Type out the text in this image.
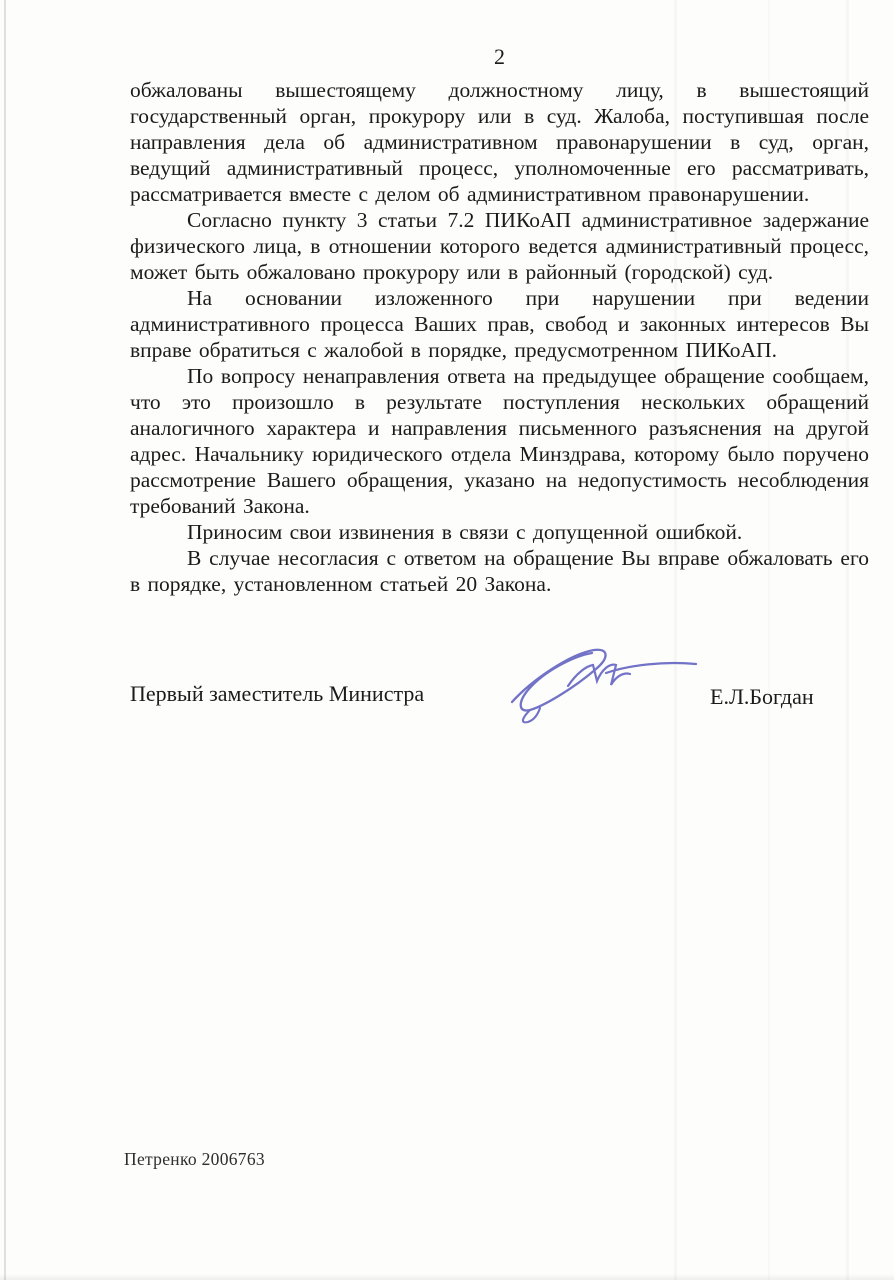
2

обжалованы вышестоящему должностному лицу, в вышестоящий государственный орган, прокурору или в суд. Жалоба, поступившая после направления дела об административном правонарушении в суд, орган, ведущий административный процесс, уполномоченные его рассматривать, рассматривается вместе с делом об административном правонарушении.

Согласно пункту 3 статьи 7.2 ПИКоАП административное задержание физического лица, в отношении которого ведется административный процесс, может быть обжаловано прокурору или в районный (городской) суд.

На основании изложенного при нарушении при ведении административного процесса Ваших прав, свобод и законных интересов Вы вправе обратиться с жалобой в порядке, предусмотренном ПИКоАП.

По вопросу ненаправления ответа на предыдущее обращение сообщаем, что это произошло в результате поступления нескольких обращений аналогичного характера и направления письменного разъяснения на другой адрес. Начальнику юридического отдела Минздрава, которому было поручено рассмотрение Вашего обращения, указано на недопустимость несоблюдения требований Закона.

Приносим свои извинения в связи с допущенной ошибкой.

В случае несогласия с ответом на обращение Вы вправе обжаловать его в порядке, установленном статьей 20 Закона.

Первый заместитель Министра	Е.Л.Богдан
Петренко 2006763
